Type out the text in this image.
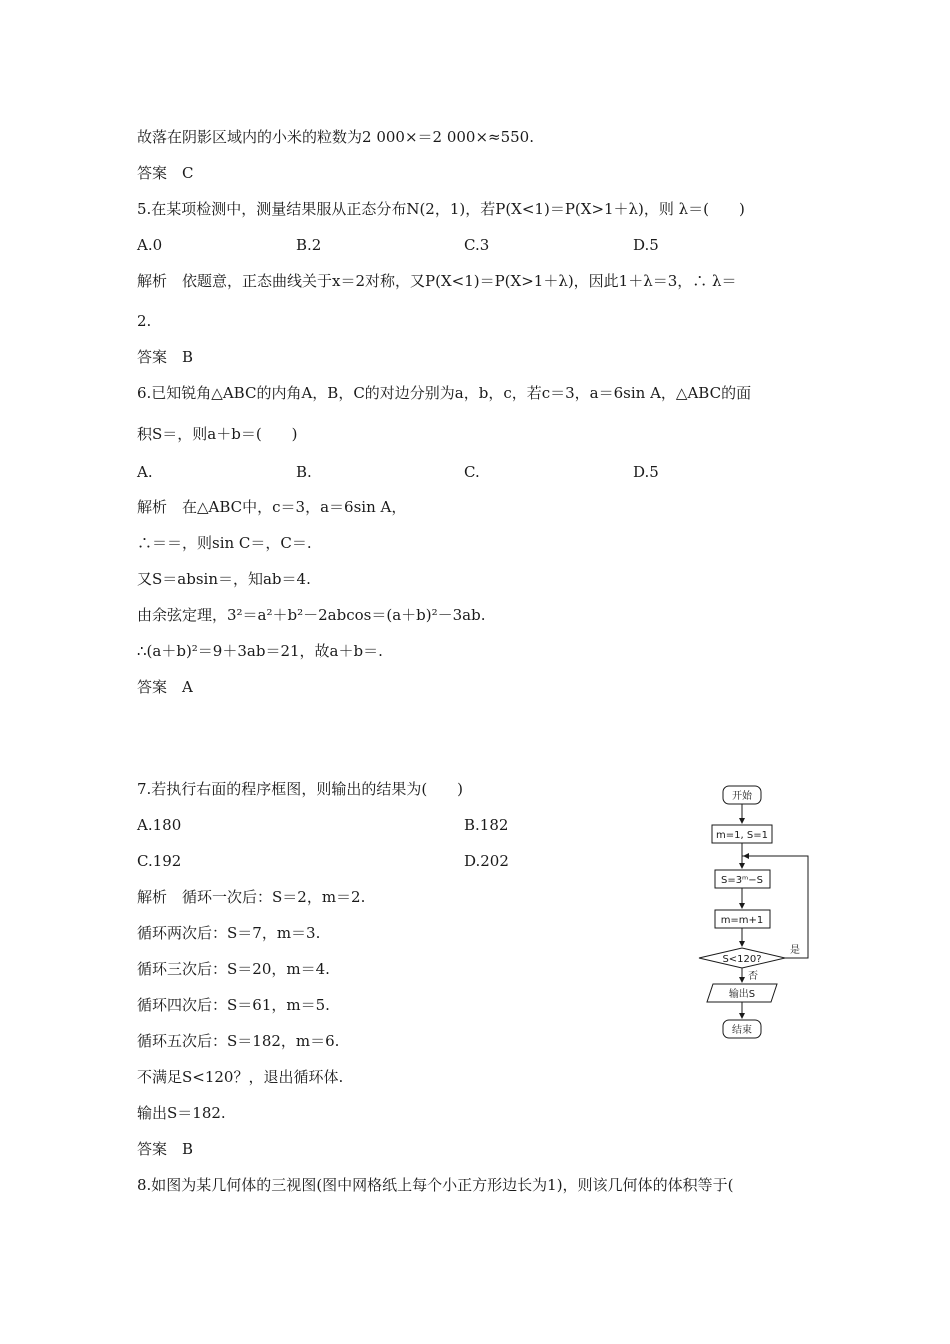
故落在阴影区域内的小米的粒数为2 000×＝2 000×≈550.
答案　C
5.在某项检测中，测量结果服从正态分布N(2，1)，若P(X<1)＝P(X>1＋λ)，则 λ＝(　　)
A.0	B.2	C.3	D.5
解析　依题意，正态曲线关于x＝2对称，又P(X<1)＝P(X>1＋λ)，因此1＋λ＝3，∴ λ＝
2.
答案　B
6.已知锐角△ABC的内角A，B，C的对边分别为a，b，c，若c＝3，a＝6sin A，△ABC的面
积S＝，则a＋b＝(　　)
A.	B.	C.	D.5
解析　在△ABC中，c＝3，a＝6sin A，
∴＝＝，则sin C＝，C＝.
又S＝absin＝，知ab＝4.
由余弦定理，3²＝a²＋b²－2abcos＝(a＋b)²－3ab.
∴(a＋b)²＝9＋3ab＝21，故a＋b＝.
答案　A
7.若执行右面的程序框图，则输出的结果为(　　)
A.180	B.182
C.192	D.202
解析　循环一次后：S＝2，m＝2.
循环两次后：S＝7，m＝3.
循环三次后：S＝20，m＝4.
循环四次后：S＝61，m＝5.
循环五次后：S＝182，m＝6.
不满足S<120？，退出循环体.
输出S＝182.
答案　B
开始
m=1, S=1
S=3ᵐ−S
m=m+1
S<120?
是
否
输出S
结束
8.如图为某几何体的三视图(图中网格纸上每个小正方形边长为1)，则该几何体的体积等于(
